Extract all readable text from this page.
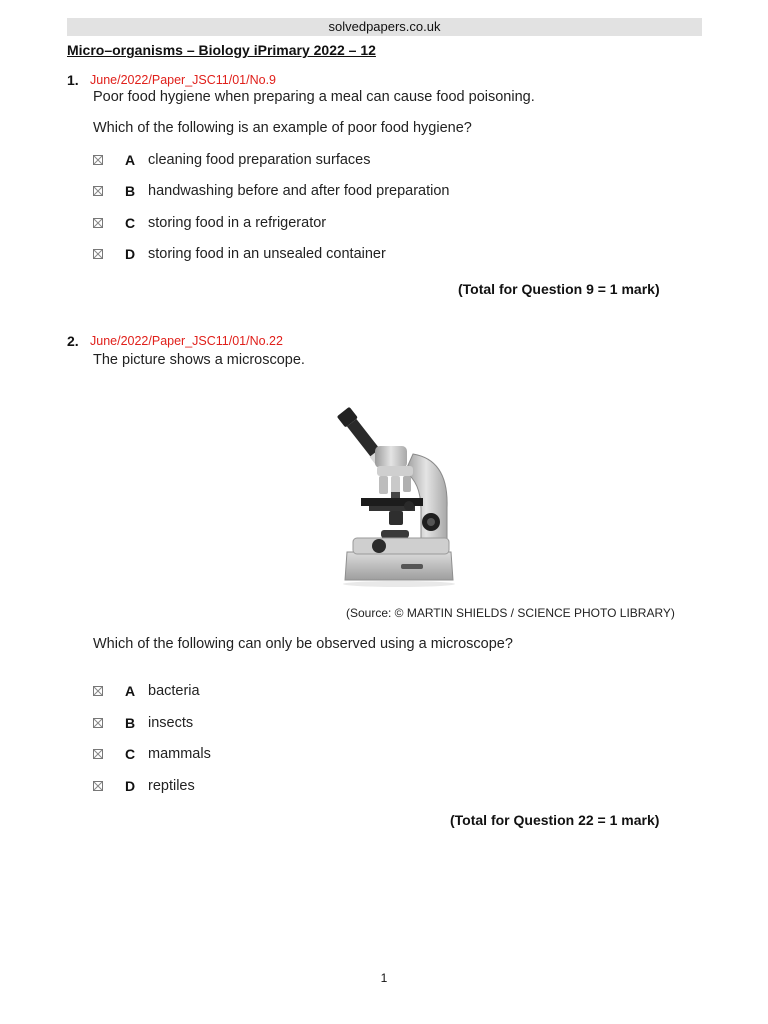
solvedpapers.co.uk
Micro–organisms – Biology iPrimary 2022 – 12
1. June/2022/Paper_JSC11/01/No.9
Poor food hygiene when preparing a meal can cause food poisoning.
Which of the following is an example of poor food hygiene?
A cleaning food preparation surfaces
B handwashing before and after food preparation
C storing food in a refrigerator
D storing food in an unsealed container
(Total for Question 9 = 1 mark)
2. June/2022/Paper_JSC11/01/No.22
The picture shows a microscope.
(Source: © MARTIN SHIELDS / SCIENCE PHOTO LIBRARY)
Which of the following can only be observed using a microscope?
A bacteria
B insects
C mammals
D reptiles
(Total for Question 22 = 1 mark)
1
